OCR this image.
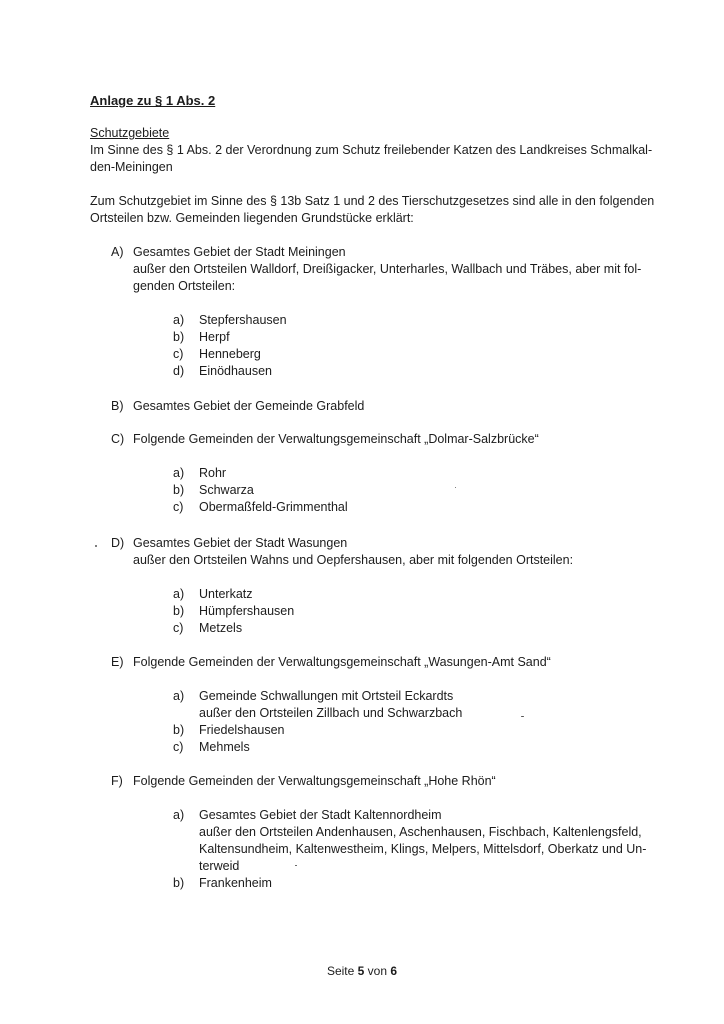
Anlage zu § 1 Abs. 2
Schutzgebiete
Im Sinne des § 1 Abs. 2 der Verordnung zum Schutz freilebender Katzen des Landkreises Schmalkal-
den-Meiningen
Zum Schutzgebiet im Sinne des § 13b Satz 1 und 2 des Tierschutzgesetzes sind alle in den folgenden
Ortsteilen bzw. Gemeinden liegenden Grundstücke erklärt:
A) Gesamtes Gebiet der Stadt Meiningen
außer den Ortsteilen Walldorf, Dreißigacker, Unterharles, Wallbach und Träbes, aber mit fol-
genden Ortsteilen:
a)	Stepfershausen
b)	Herpf
c)	Henneberg
d)	Einödhausen
B) Gesamtes Gebiet der Gemeinde Grabfeld
C) Folgende Gemeinden der Verwaltungsgemeinschaft „Dolmar-Salzbrücke“
a)	Rohr
b)	Schwarza
c)	Obermaßfeld-Grimmenthal
D) Gesamtes Gebiet der Stadt Wasungen
außer den Ortsteilen Wahns und Oepfershausen, aber mit folgenden Ortsteilen:
a)	Unterkatz
b)	Hümpfershausen
c)	Metzels
E) Folgende Gemeinden der Verwaltungsgemeinschaft „Wasungen-Amt Sand“
a)	Gemeinde Schwallungen mit Ortsteil Eckardts
außer den Ortsteilen Zillbach und Schwarzbach
b)	Friedelshausen
c)	Mehmels
F) Folgende Gemeinden der Verwaltungsgemeinschaft „Hohe Rhön“
a)	Gesamtes Gebiet der Stadt Kaltennordheim
außer den Ortsteilen Andenhausen, Aschenhausen, Fischbach, Kaltenlengsfeld,
Kaltensundheim, Kaltenwestheim, Klings, Melpers, Mittelsdorf, Oberkatz und Un-
terweid
b)	Frankenheim
Seite 5 von 6
